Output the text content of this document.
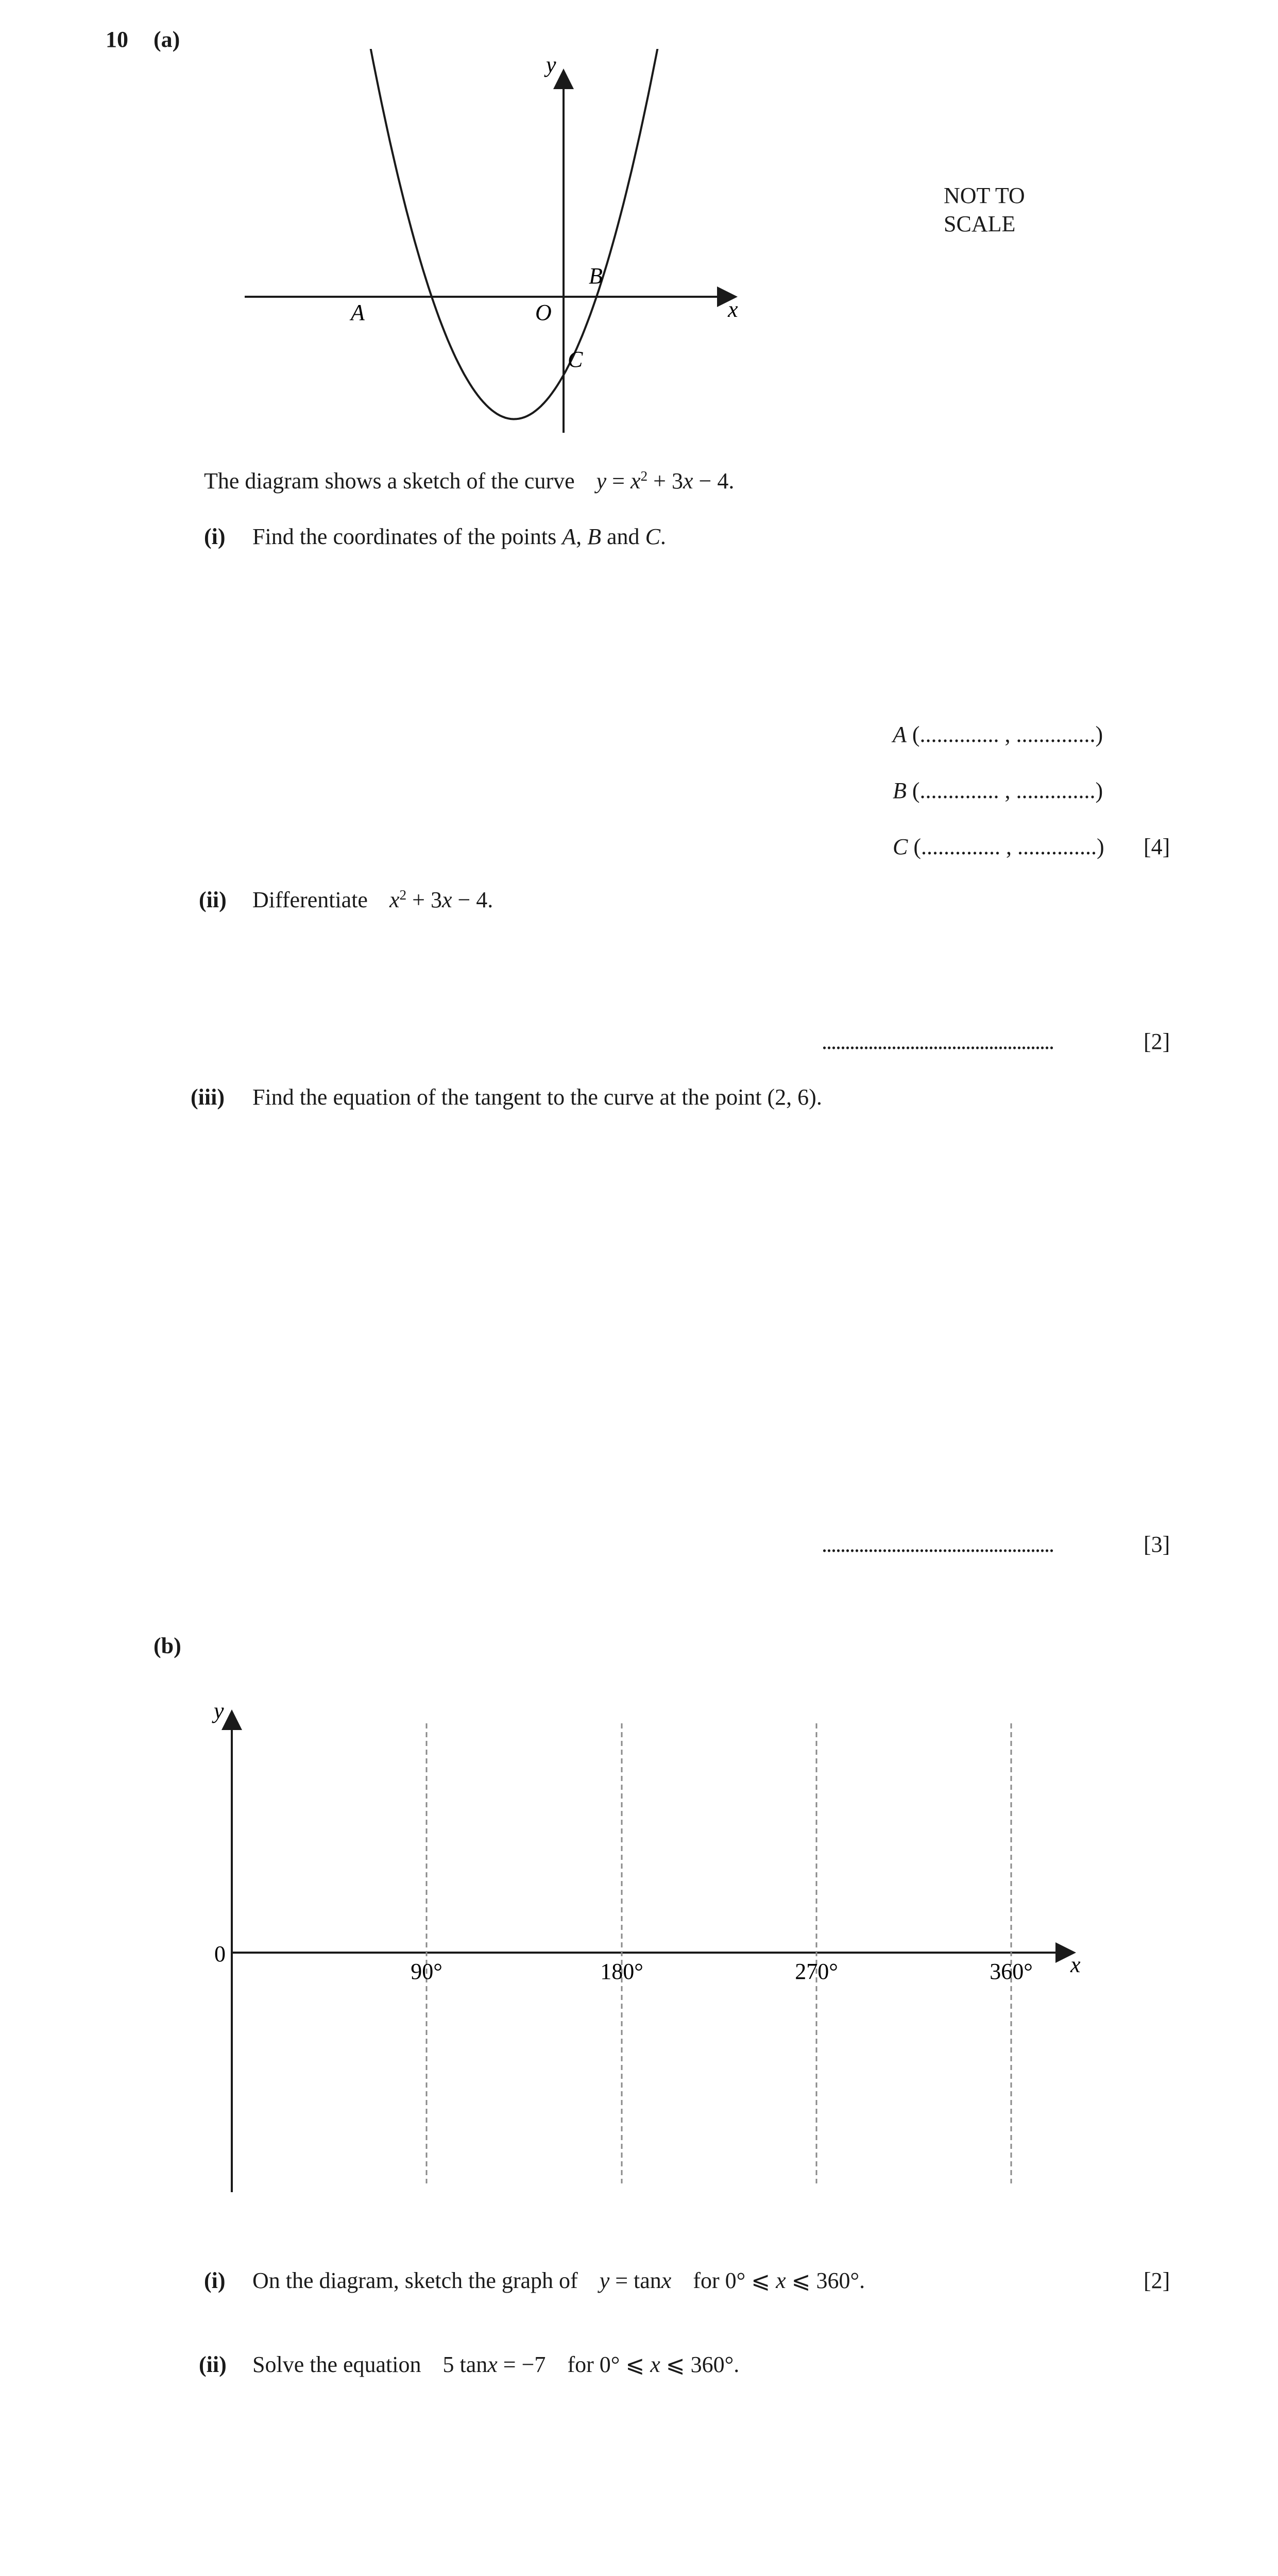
10 (a)
y
x
O
A
B
C
NOT TO
SCALE
The diagram shows a sketch of the curve $y = x^2 + 3x - 4$.
(i) Find the coordinates of the points A, B and C.
A (.............. , ..............)
B (.............. , ..............)
C (.............. , ..............) [4]
(ii) Differentiate $x^2 + 3x - 4$.
..................................................	[2]
(iii) Find the equation of the tangent to the curve at the point (2, 6).
..................................................	[3]
(b)
y
x
0
90°	180°	270°	360°
(i) On the diagram, sketch the graph of y = tanx for 0° ⩽ x ⩽ 360°.	[2]
(ii) Solve the equation 5 tanx = −7 for 0° ⩽ x ⩽ 360°.
